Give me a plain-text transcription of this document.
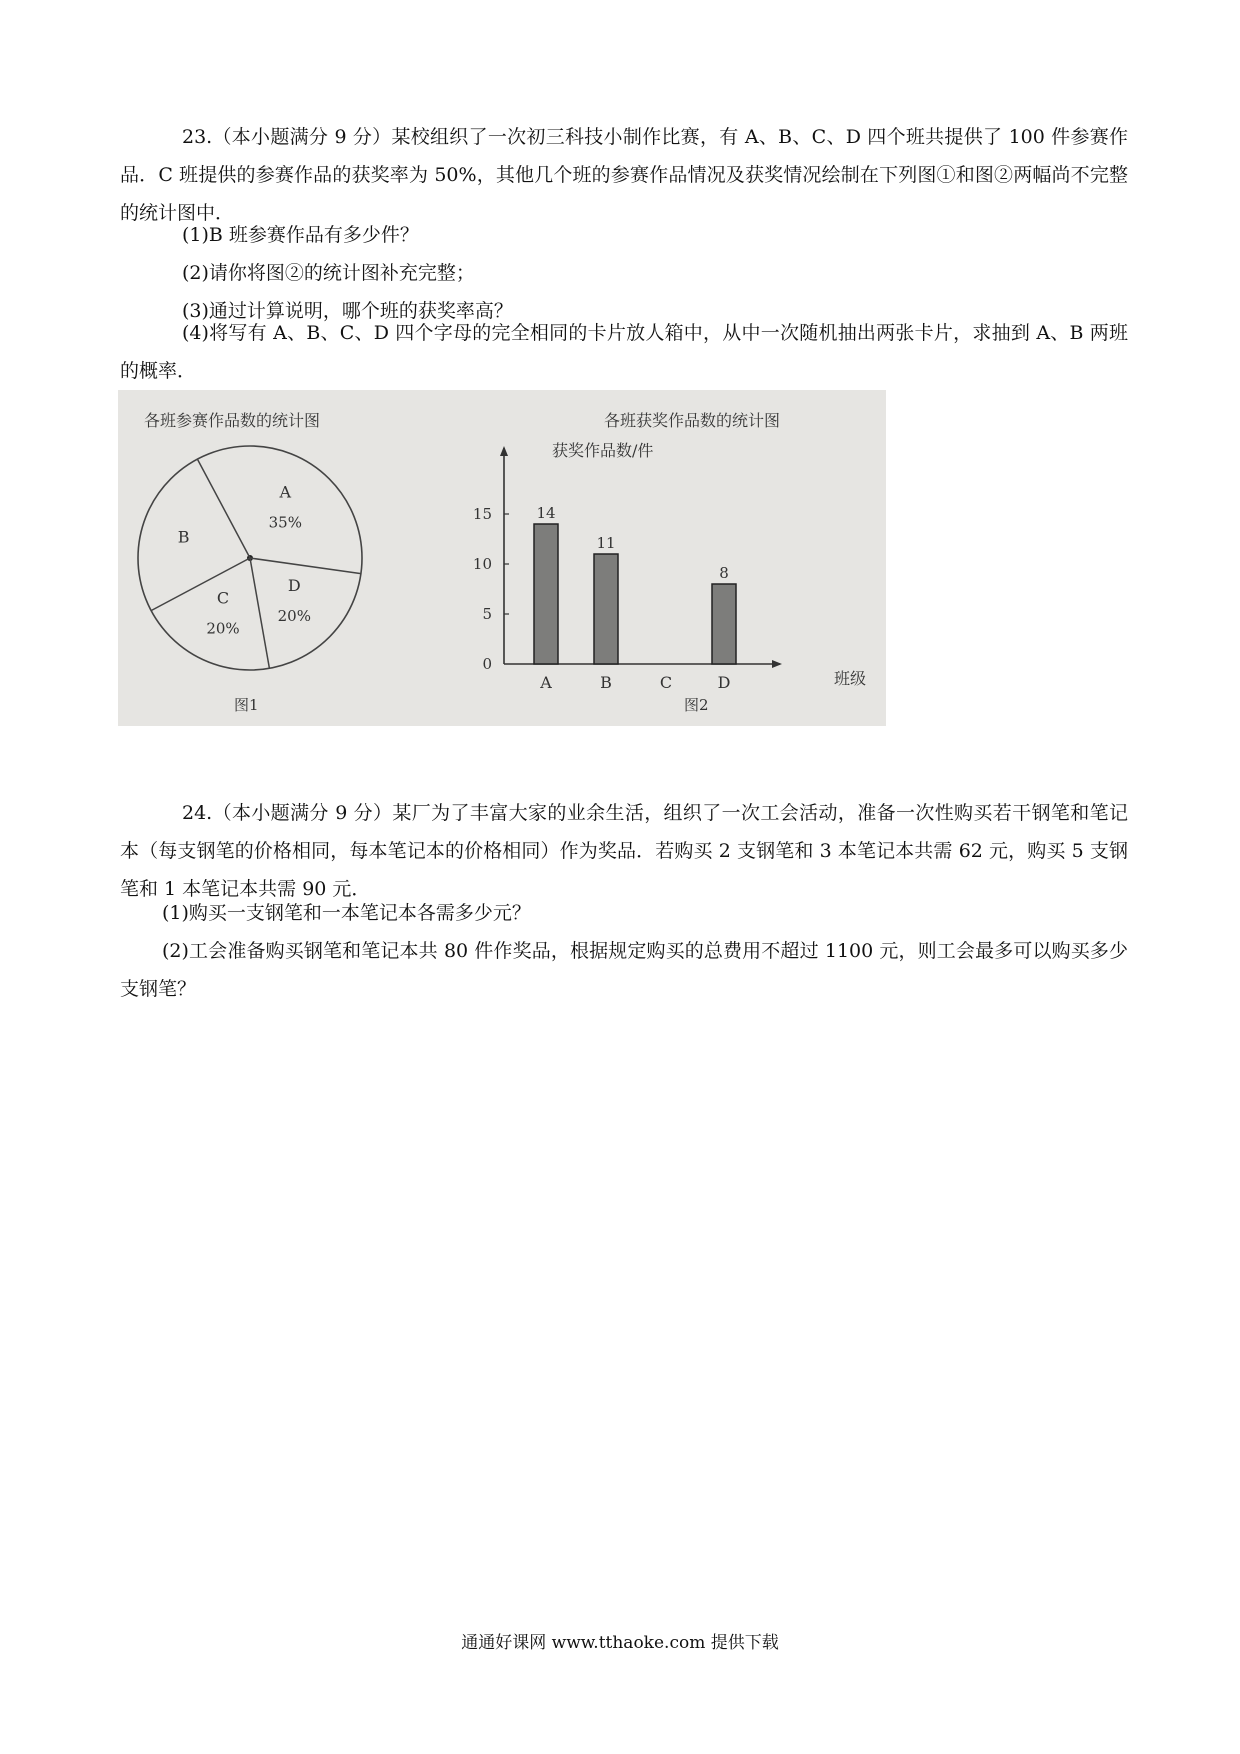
23.（本小题满分 9 分）某校组织了一次初三科技小制作比赛，有 A、B、C、D 四个班共提供了 100 件参赛作品．C 班提供的参赛作品的获奖率为 50%，其他几个班的参赛作品情况及获奖情况绘制在下列图①和图②两幅尚不完整的统计图中．

(1)B 班参赛作品有多少件？

(2)请你将图②的统计图补充完整；

(3)通过计算说明，哪个班的获奖率高？

(4)将写有 A、B、C、D 四个字母的完全相同的卡片放人箱中，从中一次随机抽出两张卡片，求抽到 A、B 两班的概率．

各班参赛作品数的统计图
A
35%
D
20%
C
20%
B
图1
各班获奖作品数的统计图
获奖作品数/件
0
5
10
15	14
A
11
B	C
8
D	班级
图2

24.（本小题满分 9 分）某厂为了丰富大家的业余生活，组织了一次工会活动，准备一次性购买若干钢笔和笔记本（每支钢笔的价格相同，每本笔记本的价格相同）作为奖品．若购买 2 支钢笔和 3 本笔记本共需 62 元，购买 5 支钢笔和 1 本笔记本共需 90 元．

(1)购买一支钢笔和一本笔记本各需多少元？

(2)工会准备购买钢笔和笔记本共 80 件作奖品，根据规定购买的总费用不超过 1100 元，则工会最多可以购买多少支钢笔？

通通好课网 www.tthaoke.com 提供下载
